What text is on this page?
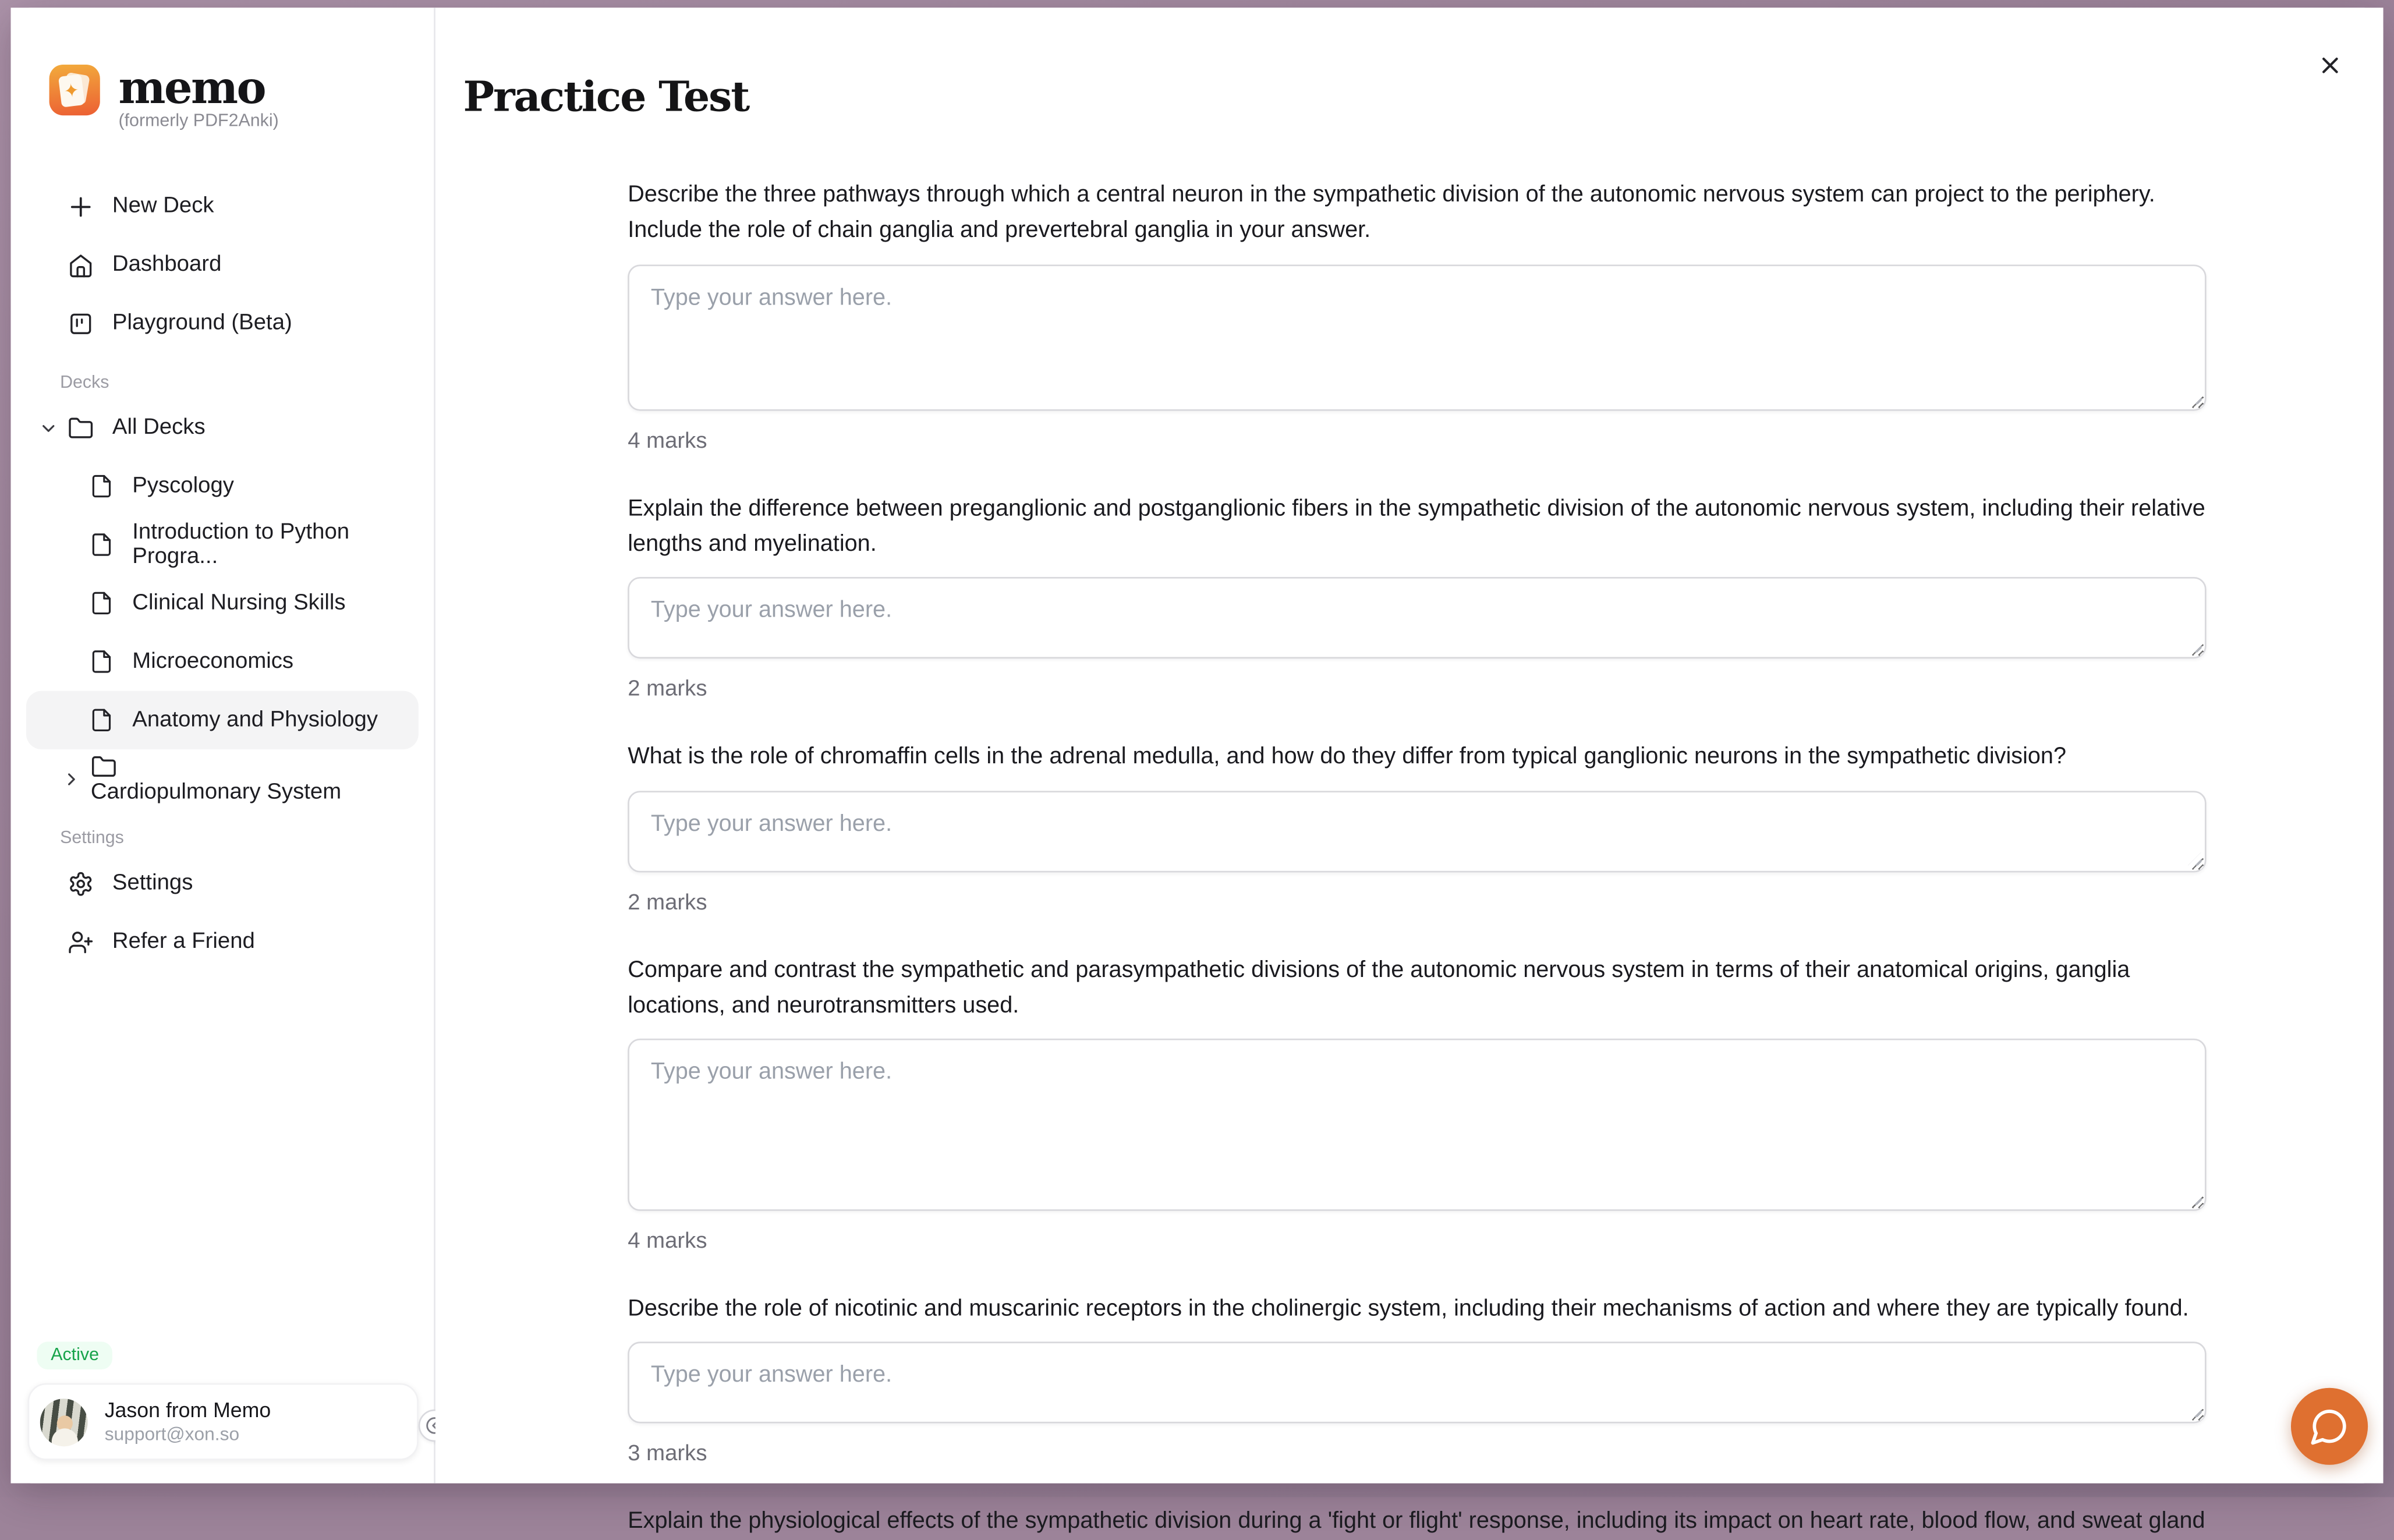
✦ memo
(formerly PDF2Anki)
New Deck
Dashboard
Playground (Beta)
Decks
All Decks
Pyscology
Introduction to Python Progra...
Clinical Nursing Skills
Microeconomics
Anatomy and Physiology
Cardiopulmonary System
Settings
Settings
Refer a Friend
Active
Jason from Memo
support@xon.so
Practice Test
Describe the three pathways through which a central neuron in the sympathetic division of the autonomic nervous system can project to the periphery. Include the role of chain ganglia and prevertebral ganglia in your answer.
Type your answer here.
4 marks
Explain the difference between preganglionic and postganglionic fibers in the sympathetic division of the autonomic nervous system, including their relative lengths and myelination.
Type your answer here.
2 marks
What is the role of chromaffin cells in the adrenal medulla, and how do they differ from typical ganglionic neurons in the sympathetic division?
Type your answer here.
2 marks
Compare and contrast the sympathetic and parasympathetic divisions of the autonomic nervous system in terms of their anatomical origins, ganglia locations, and neurotransmitters used.
Type your answer here.
4 marks
Describe the role of nicotinic and muscarinic receptors in the cholinergic system, including their mechanisms of action and where they are typically found.
Type your answer here.
3 marks
Explain the physiological effects of the sympathetic division during a 'fight or flight' response, including its impact on heart rate, blood flow, and sweat gland
